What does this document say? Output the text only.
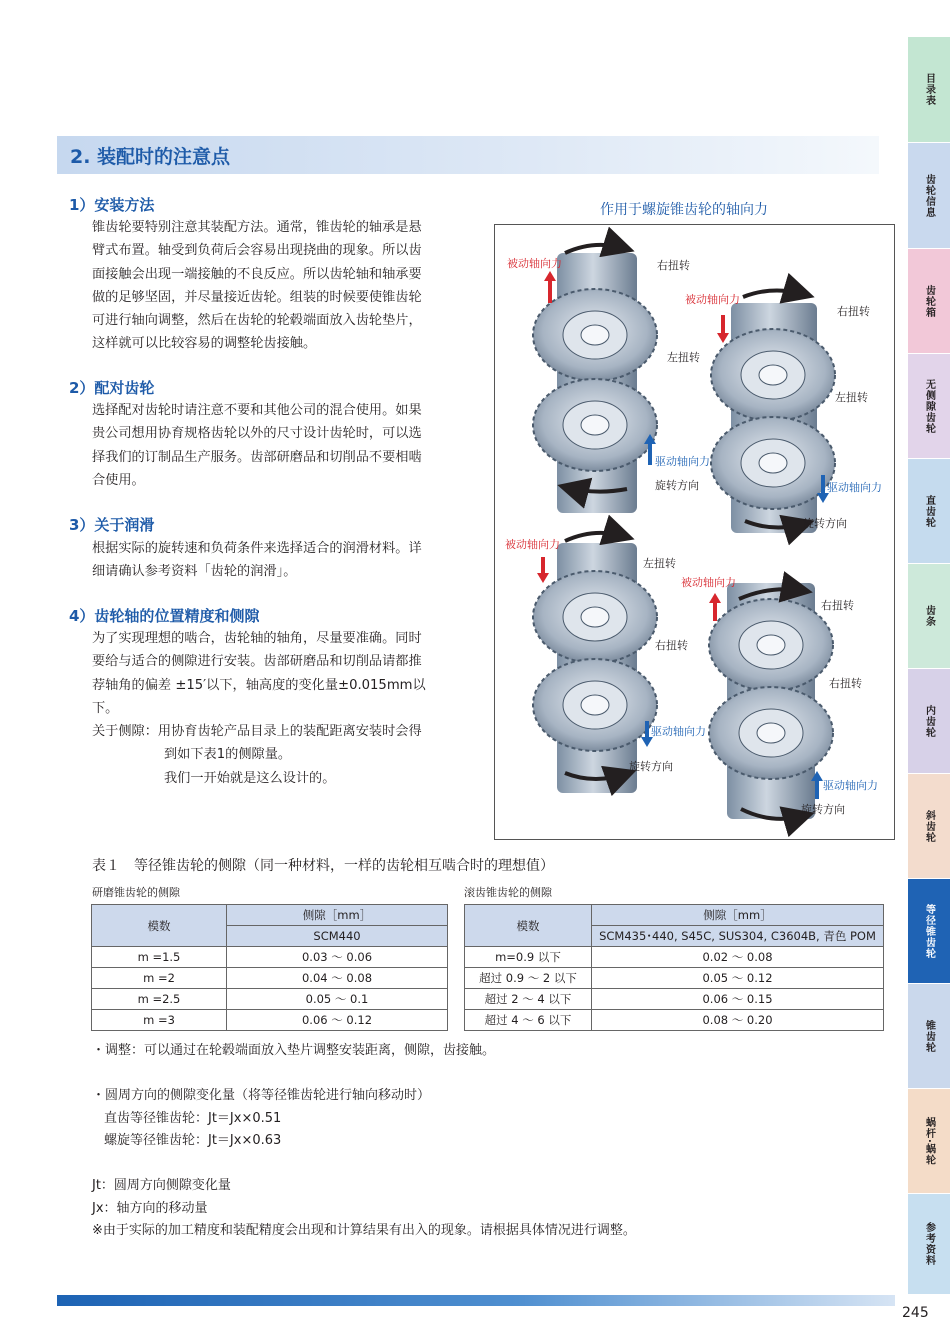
2. 装配时的注意点
1）安装方法

锥齿轮要特别注意其装配方法。通常，锥齿轮的轴承是悬

臂式布置。轴受到负荷后会容易出现挠曲的现象。所以齿

面接触会出现一端接触的不良反应。所以齿轮轴和轴承要

做的足够坚固，并尽量接近齿轮。组装的时候要使锥齿轮

可进行轴向调整，然后在齿轮的轮毂端面放入齿轮垫片，

这样就可以比较容易的调整轮齿接触。

2）配对齿轮

选择配对齿轮时请注意不要和其他公司的混合使用。如果

贵公司想用协育规格齿轮以外的尺寸设计齿轮时，可以选

择我们的订制品生产服务。齿部研磨品和切削品不要相啮

合使用。

3）关于润滑

根据实际的旋转速和负荷条件来选择适合的润滑材料。详

细请确认参考资料「齿轮的润滑」。

4）齿轮轴的位置精度和侧隙

为了实现理想的啮合，齿轮轴的轴角，尽量要准确。同时

要给与适合的侧隙进行安装。齿部研磨品和切削品请都推

荐轴角的偏差 ±15′以下，轴高度的变化量±0.015mm以

下。

关于侧隙：用协育齿轮产品目录上的装配距离安装时会得

到如下表1的侧隙量。

我们一开始就是这么设计的。

作用于螺旋锥齿轮的轴向力
被动轴向力	右扭转
左扭转
驱动轴向力
旋转方向
被动轴向力
右扭转
左扭转
驱动轴向力
旋转方向
被动轴向力
左扭转
右扭转
驱动轴向力
旋转方向
被动轴向力
右扭转
右扭转
驱动轴向力
旋转方向
目录表
齿轮信息
齿轮箱
无侧隙齿轮
直齿轮
齿条
内齿轮
斜齿轮
等径锥齿轮
锥齿轮
蜗杆·蜗轮
参考资料
表１　等径锥齿轮的侧隙（同一种材料，一样的齿轮相互啮合时的理想值）
研磨锥齿轮的侧隙	滚齿锥齿轮的侧隙
模数	侧隙［mm］
	SCM440
m =1.5	0.03 ～ 0.06
m =2	0.04 ～ 0.08
m =2.5	0.05 ～ 0.1
m =3	0.06 ～ 0.12
模数	侧隙［mm］
	SCM435･440, S45C, SUS304, C3604B, 青色 POM
m=0.9 以下	0.02 ～ 0.08
超过 0.9 ～ 2 以下	0.05 ～ 0.12
超过 2 ～ 4 以下	0.06 ～ 0.15
超过 4 ～ 6 以下	0.08 ～ 0.20
・调整：可以通过在轮毂端面放入垫片调整安装距离，侧隙，齿接触。
・圆周方向的侧隙变化量（将等径锥齿轮进行轴向移动时）
直齿等径锥齿轮：Jt＝Jx×0.51
螺旋等径锥齿轮：Jt＝Jx×0.63
Jt：圆周方向侧隙变化量
Jx：轴方向的移动量
※由于实际的加工精度和装配精度会出现和计算结果有出入的现象。请根据具体情况进行调整。
245
